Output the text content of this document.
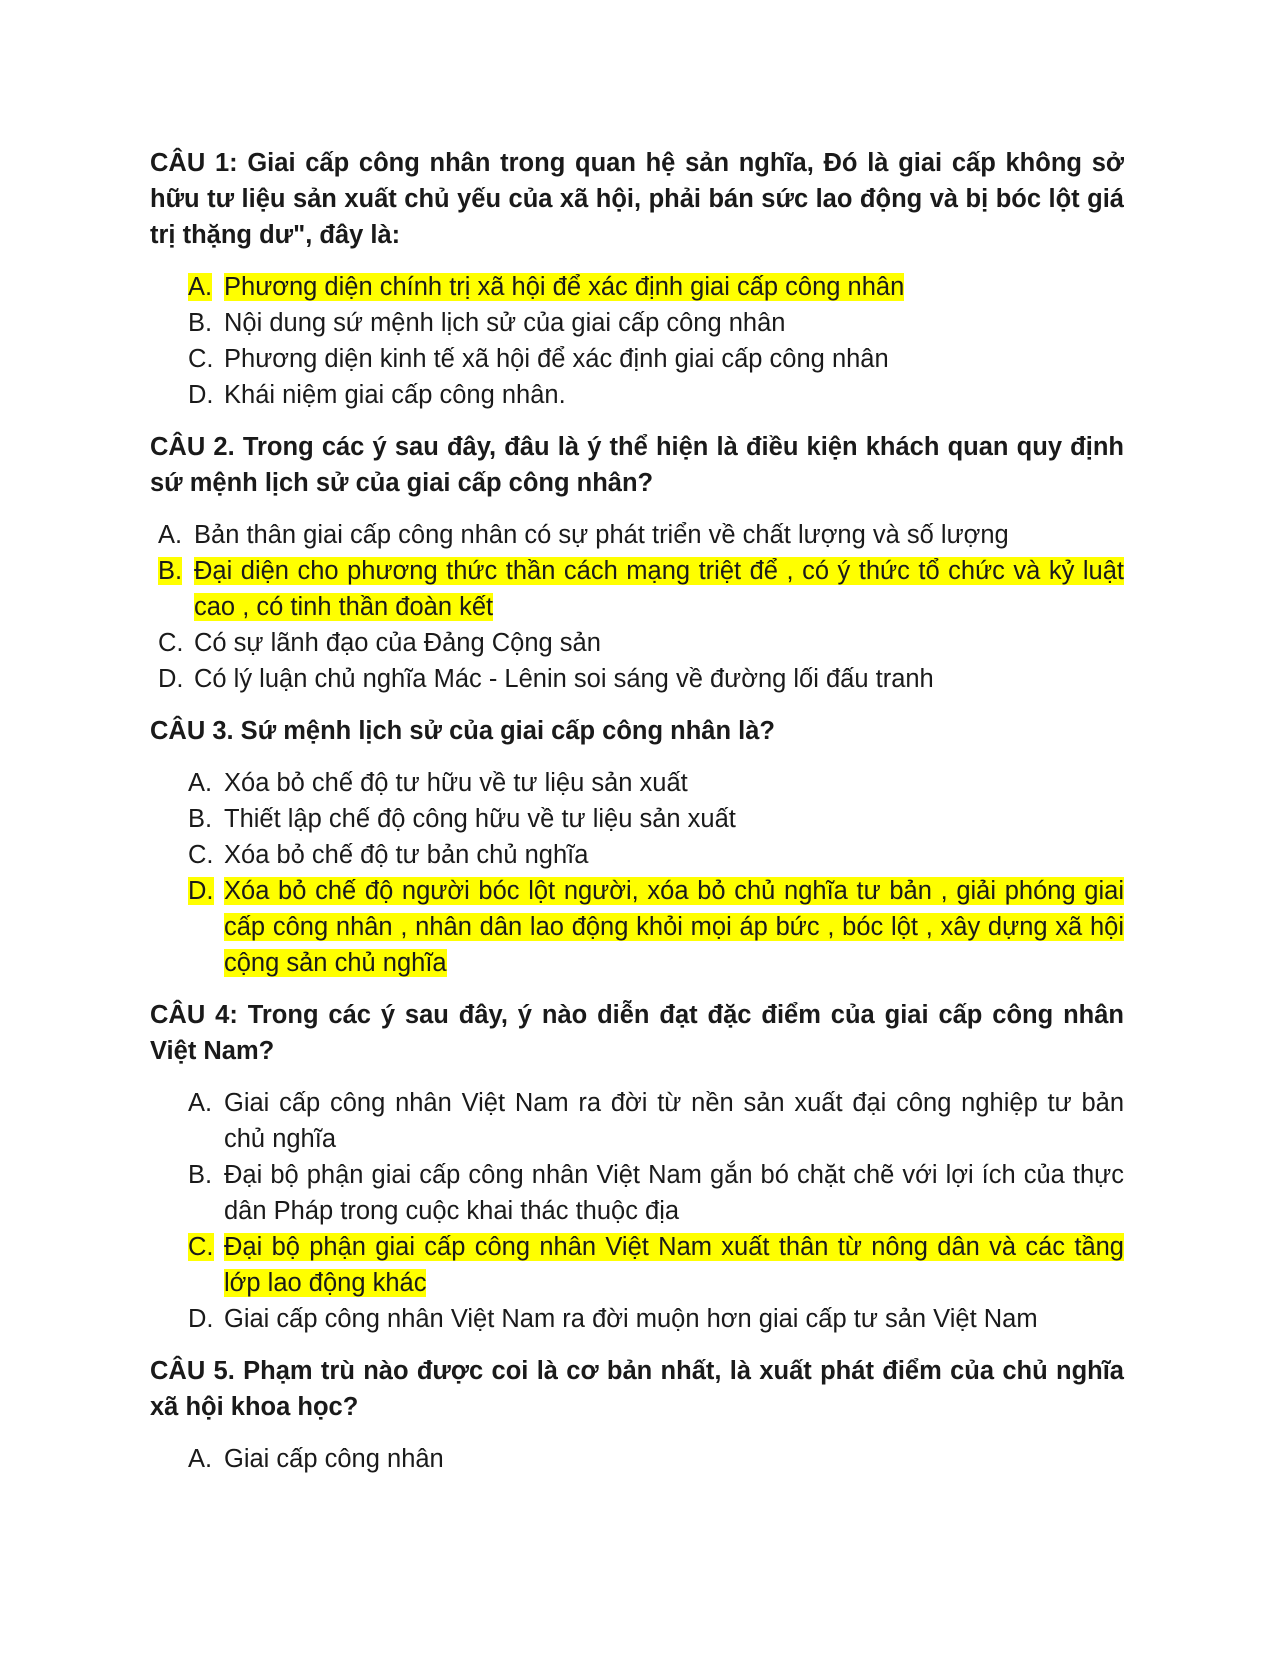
CÂU 1: Giai cấp công nhân trong quan hệ sản nghĩa, Đó là giai cấp không sở hữu tư liệu sản xuất chủ yếu của xã hội, phải bán sức lao động và bị bóc lột giá trị thặng dư", đây là:
A. Phương diện chính trị xã hội để xác định giai cấp công nhân
B. Nội dung sứ mệnh lịch sử của giai cấp công nhân
C. Phương diện kinh tế xã hội để xác định giai cấp công nhân
D. Khái niệm giai cấp công nhân.
CÂU 2. Trong các ý sau đây, đâu là ý thể hiện là điều kiện khách quan quy định sứ mệnh lịch sử của giai cấp công nhân?
A. Bản thân giai cấp công nhân có sự phát triển về chất lượng và số lượng
B. Đại diện cho phương thức thần cách mạng triệt để , có ý thức tổ chức và kỷ luật cao , có tinh thần đoàn kết
C. Có sự lãnh đạo của Đảng Cộng sản
D. Có lý luận chủ nghĩa Mác - Lênin soi sáng về đường lối đấu tranh
CÂU 3. Sứ mệnh lịch sử của giai cấp công nhân là?
A. Xóa bỏ chế độ tư hữu về tư liệu sản xuất
B. Thiết lập chế độ công hữu về tư liệu sản xuất
C. Xóa bỏ chế độ tư bản chủ nghĩa
D. Xóa bỏ chế độ người bóc lột người, xóa bỏ chủ nghĩa tư bản , giải phóng giai cấp công nhân , nhân dân lao động khỏi mọi áp bức , bóc lột , xây dựng xã hội cộng sản chủ nghĩa
CÂU 4: Trong các ý sau đây, ý nào diễn đạt đặc điểm của giai cấp công nhân Việt Nam?
A. Giai cấp công nhân Việt Nam ra đời từ nền sản xuất đại công nghiệp tư bản chủ nghĩa
B. Đại bộ phận giai cấp công nhân Việt Nam gắn bó chặt chẽ với lợi ích của thực dân Pháp trong cuộc khai thác thuộc địa
C. Đại bộ phận giai cấp công nhân Việt Nam xuất thân từ nông dân và các tầng lớp lao động khác
D. Giai cấp công nhân Việt Nam ra đời muộn hơn giai cấp tư sản Việt Nam
CÂU 5. Phạm trù nào được coi là cơ bản nhất, là xuất phát điểm của chủ nghĩa xã hội khoa học?
A. Giai cấp công nhân
